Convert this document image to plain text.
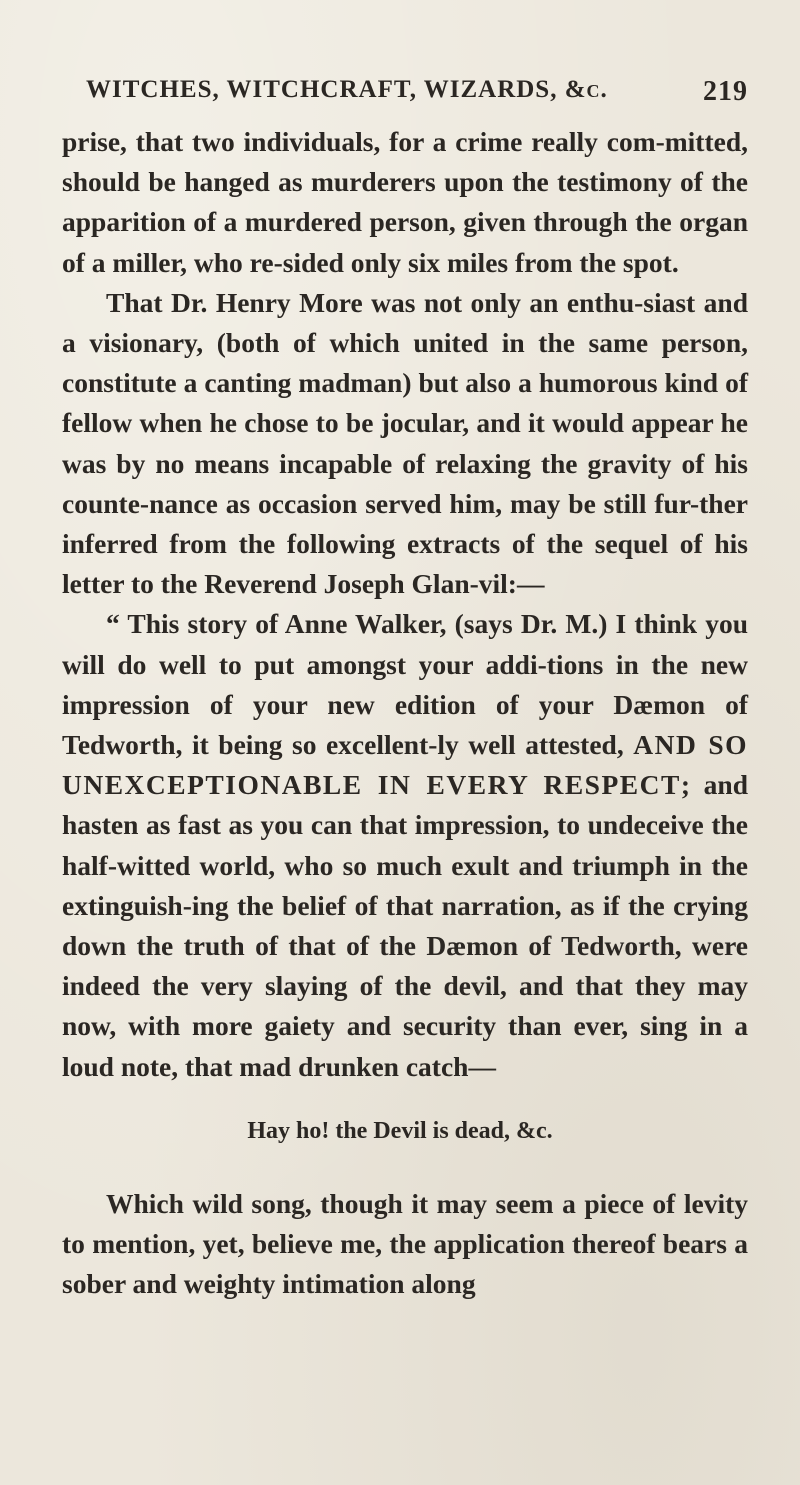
WITCHES, WITCHCRAFT, WIZARDS, &c.	219

prise, that two individuals, for a crime really com-mitted, should be hanged as murderers upon the testimony of the apparition of a murdered person, given through the organ of a miller, who re-sided only six miles from the spot.

That Dr. Henry More was not only an enthu-siast and a visionary, (both of which united in the same person, constitute a canting madman) but also a humorous kind of fellow when he chose to be jocular, and it would appear he was by no means incapable of relaxing the gravity of his counte-nance as occasion served him, may be still fur-ther inferred from the following extracts of the sequel of his letter to the Reverend Joseph Glan-vil:—

“ This story of Anne Walker, (says Dr. M.) I think you will do well to put amongst your addi-tions in the new impression of your new edition of your Dæmon of Tedworth, it being so excellent-ly well attested, AND SO UNEXCEPTIONABLE IN EVERY RESPECT; and hasten as fast as you can that impression, to undeceive the half-witted world, who so much exult and triumph in the extinguish-ing the belief of that narration, as if the crying down the truth of that of the Dæmon of Tedworth, were indeed the very slaying of the devil, and that they may now, with more gaiety and security than ever, sing in a loud note, that mad drunken catch—

Hay ho! the Devil is dead, &c.

Which wild song, though it may seem a piece of levity to mention, yet, believe me, the application thereof bears a sober and weighty intimation along
